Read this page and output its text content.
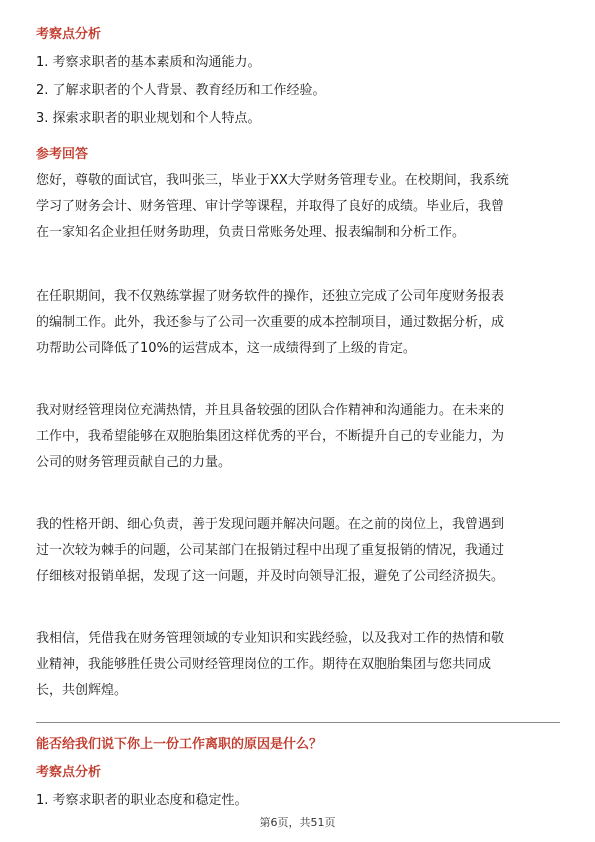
考察点分析
1. 考察求职者的基本素质和沟通能力。
2. 了解求职者的个人背景、教育经历和工作经验。
3. 探索求职者的职业规划和个人特点。
参考回答
您好，尊敬的面试官，我叫张三，毕业于XX大学财务管理专业。在校期间，我系统
学习了财务会计、财务管理、审计学等课程，并取得了良好的成绩。毕业后，我曾
在一家知名企业担任财务助理，负责日常账务处理、报表编制和分析工作。
在任职期间，我不仅熟练掌握了财务软件的操作，还独立完成了公司年度财务报表
的编制工作。此外，我还参与了公司一次重要的成本控制项目，通过数据分析，成
功帮助公司降低了10%的运营成本，这一成绩得到了上级的肯定。
我对财经管理岗位充满热情，并且具备较强的团队合作精神和沟通能力。在未来的
工作中，我希望能够在双胞胎集团这样优秀的平台，不断提升自己的专业能力，为
公司的财务管理贡献自己的力量。
我的性格开朗、细心负责，善于发现问题并解决问题。在之前的岗位上，我曾遇到
过一次较为棘手的问题，公司某部门在报销过程中出现了重复报销的情况，我通过
仔细核对报销单据，发现了这一问题，并及时向领导汇报，避免了公司经济损失。
我相信，凭借我在财务管理领域的专业知识和实践经验，以及我对工作的热情和敬
业精神，我能够胜任贵公司财经管理岗位的工作。期待在双胞胎集团与您共同成
长，共创辉煌。
能否给我们说下你上一份工作离职的原因是什么？
考察点分析
1. 考察求职者的职业态度和稳定性。
第6页，共51页
